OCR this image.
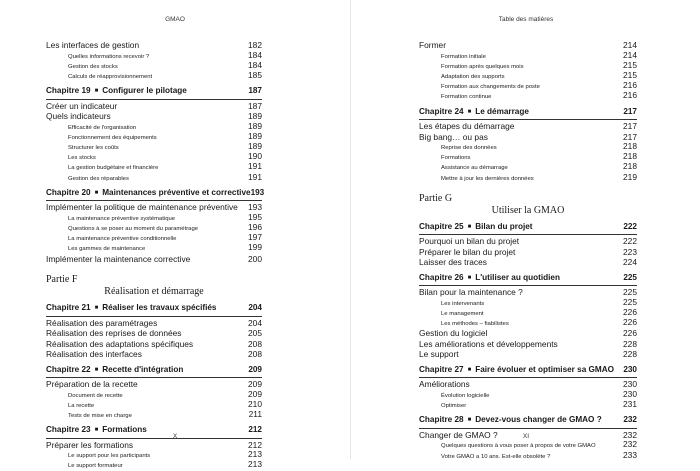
GMAO
Les interfaces de gestion	182
Quelles informations recevoir ?	184
Gestion des stocks	184
Calculs de réapprovisionnement	185
Chapitre 19 ■ Configurer le pilotage	187
Créer un indicateur	187
Quels indicateurs	189
Efficacité de l'organisation	189
Fonctionnement des équipements	189
Structurer les coûts	189
Les stocks	190
La gestion budgétaire et financière	191
Gestion des réparables	191
Chapitre 20 ■ Maintenances préventive et corrective 193
Implémenter la politique de maintenance préventive 193
La maintenance préventive systématique	195
Questions à se poser au moment du paramétrage	196
La maintenance préventive conditionnelle	197
Les gammes de maintenance	199
Implémenter la maintenance corrective	200
Partie F
Réalisation et démarrage
Chapitre 21 ■ Réaliser les travaux spécifiés	204
Réalisation des paramétrages	204
Réalisation des reprises de données	205
Réalisation des adaptations spécifiques	208
Réalisation des interfaces	208
Chapitre 22 ■ Recette d'intégration	209
Préparation de la recette	209
Document de recette	209
La recette	210
Tests de mise en charge	211
Chapitre 23 ■ Formations	212
Préparer les formations	212
Le support pour les participants	213
Le support formateur	213
X
Table des matières
Former	214
Formation initiale	214
Formation après quelques mois	215
Adaptation des supports	215
Formation aux changements de poste	216
Formation continue	216
Chapitre 24 ■ Le démarrage	217
Les étapes du démarrage	217
Big bang… ou pas	217
Reprise des données	218
Formations	218
Assistance au démarrage	218
Mettre à jour les dernières données	219
Partie G
Utiliser la GMAO
Chapitre 25 ■ Bilan du projet	222
Pourquoi un bilan du projet	222
Préparer le bilan du projet	223
Laisser des traces	224
Chapitre 26 ■ L'utiliser au quotidien	225
Bilan pour la maintenance ?	225
Les intervenants	225
Le management	226
Les méthodes – fiabilistes	226
Gestion du logiciel	226
Les améliorations et développements	228
Le support	228
Chapitre 27 ■ Faire évoluer et optimiser sa GMAO 230
Améliorations	230
Évolution logicielle	230
Optimiser	231
Chapitre 28 ■ Devez-vous changer de GMAO ?	232
Changer de GMAO ?	232
Quelques questions à vous poser à propos de votre GMAO	232
Votre GMAO a 10 ans. Est-elle obsolète ?	233
XI
